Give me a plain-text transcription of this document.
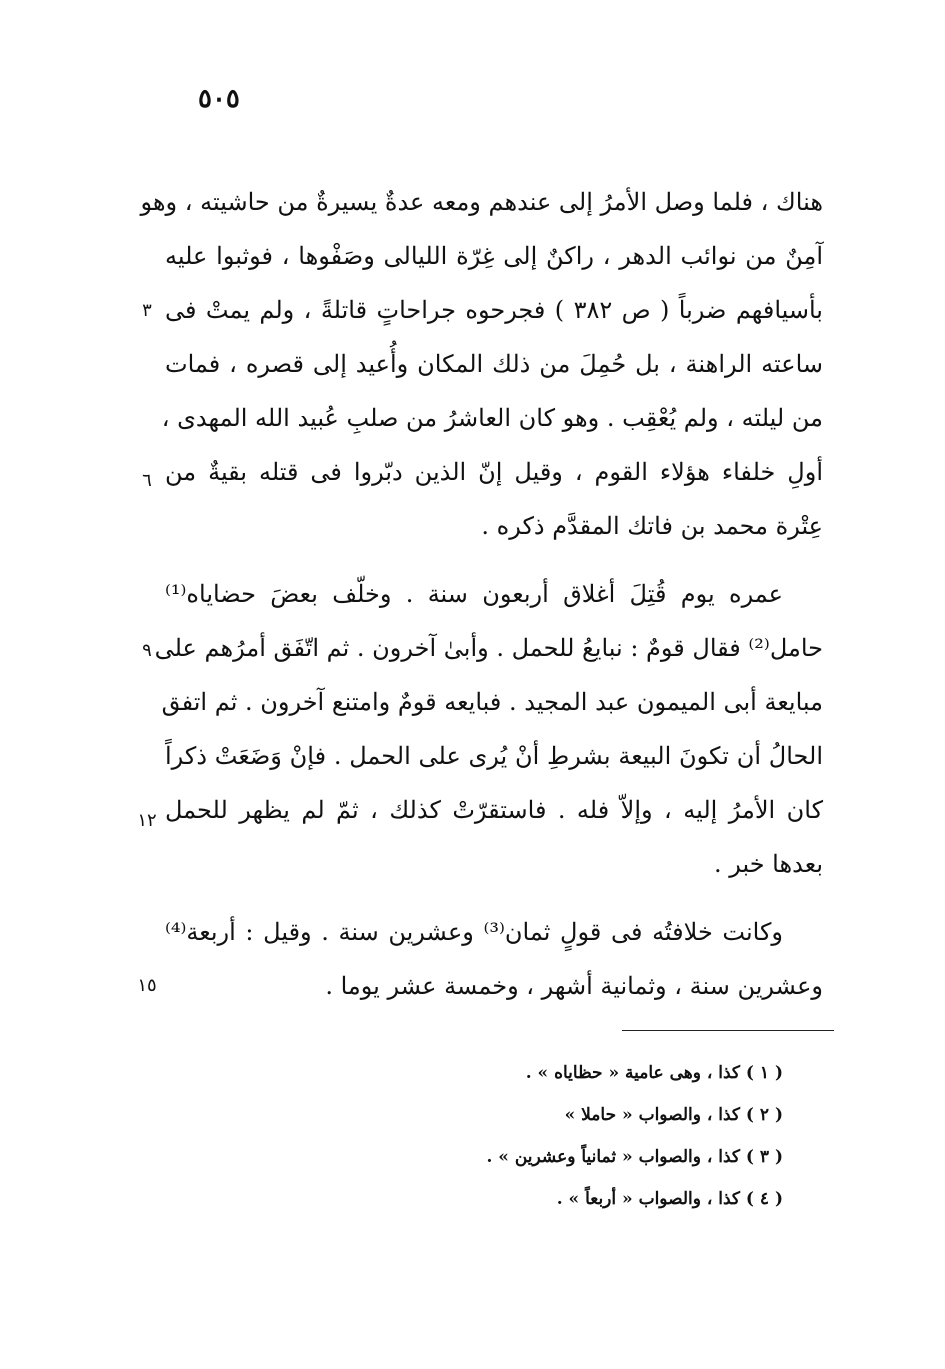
٥٠٥
هناك ، فلما وصل الأمرُ إلى عندهم ومعه عدةٌ يسيرةٌ من حاشيته ، وهو
آمِنٌ من نوائب الدهر ، راكنٌ إلى غِرّة الليالى وصَفْوها ، فوثبوا عليه
بأسيافهم ضرباً ( ص ٣٨٢ ) فجرحوه جراحاتٍ قاتلةً ، ولم يمتْ فى
ساعته الراهنة ، بل حُمِلَ من ذلك المكان وأُعيد إلى قصره ، فمات
من ليلته ، ولم يُعْقِب . وهو كان العاشرُ من صلبِ عُبيد الله المهدى ،
أولِ خلفاء هؤلاء القوم ، وقيل إنّ الذين دبّروا فى قتله بقيةٌ من
عِتْرة محمد بن فاتك المقدَّم ذكره .
عمره يوم قُتِلَ أغلاق أربعون سنة . وخلّف بعضَ حضاياه⁽¹⁾
حامل⁽²⁾ فقال قومٌ : نبايعُ للحمل . وأبىٰ آخرون . ثم اتّفَق أمرُهم على
مبايعة أبى الميمون عبد المجيد . فبايعه قومٌ وامتنع آخرون . ثم اتفق
الحالُ أن تكونَ البيعة بشرطِ أنْ يُرى على الحمل . فإنْ وَضَعَتْ ذكراً
كان الأمرُ إليه ، وإلاّ فله . فاستقرّتْ كذلك ، ثمّ لم يظهر للحمل
بعدها خبر .
وكانت خلافتُه فى قولٍ ثمان⁽³⁾ وعشرين سنة . وقيل : أربعة⁽⁴⁾
وعشرين سنة ، وثمانية أشهر ، وخمسة عشر يوما .
٣
٦
٩
١٢
١٥
( ١ ) كذا ، وهى عامية « حظاياه » .
( ٢ ) كذا ، والصواب « حاملا »
( ٣ ) كذا ، والصواب « ثمانياً وعشرين » .
( ٤ ) كذا ، والصواب « أربعاً » .
